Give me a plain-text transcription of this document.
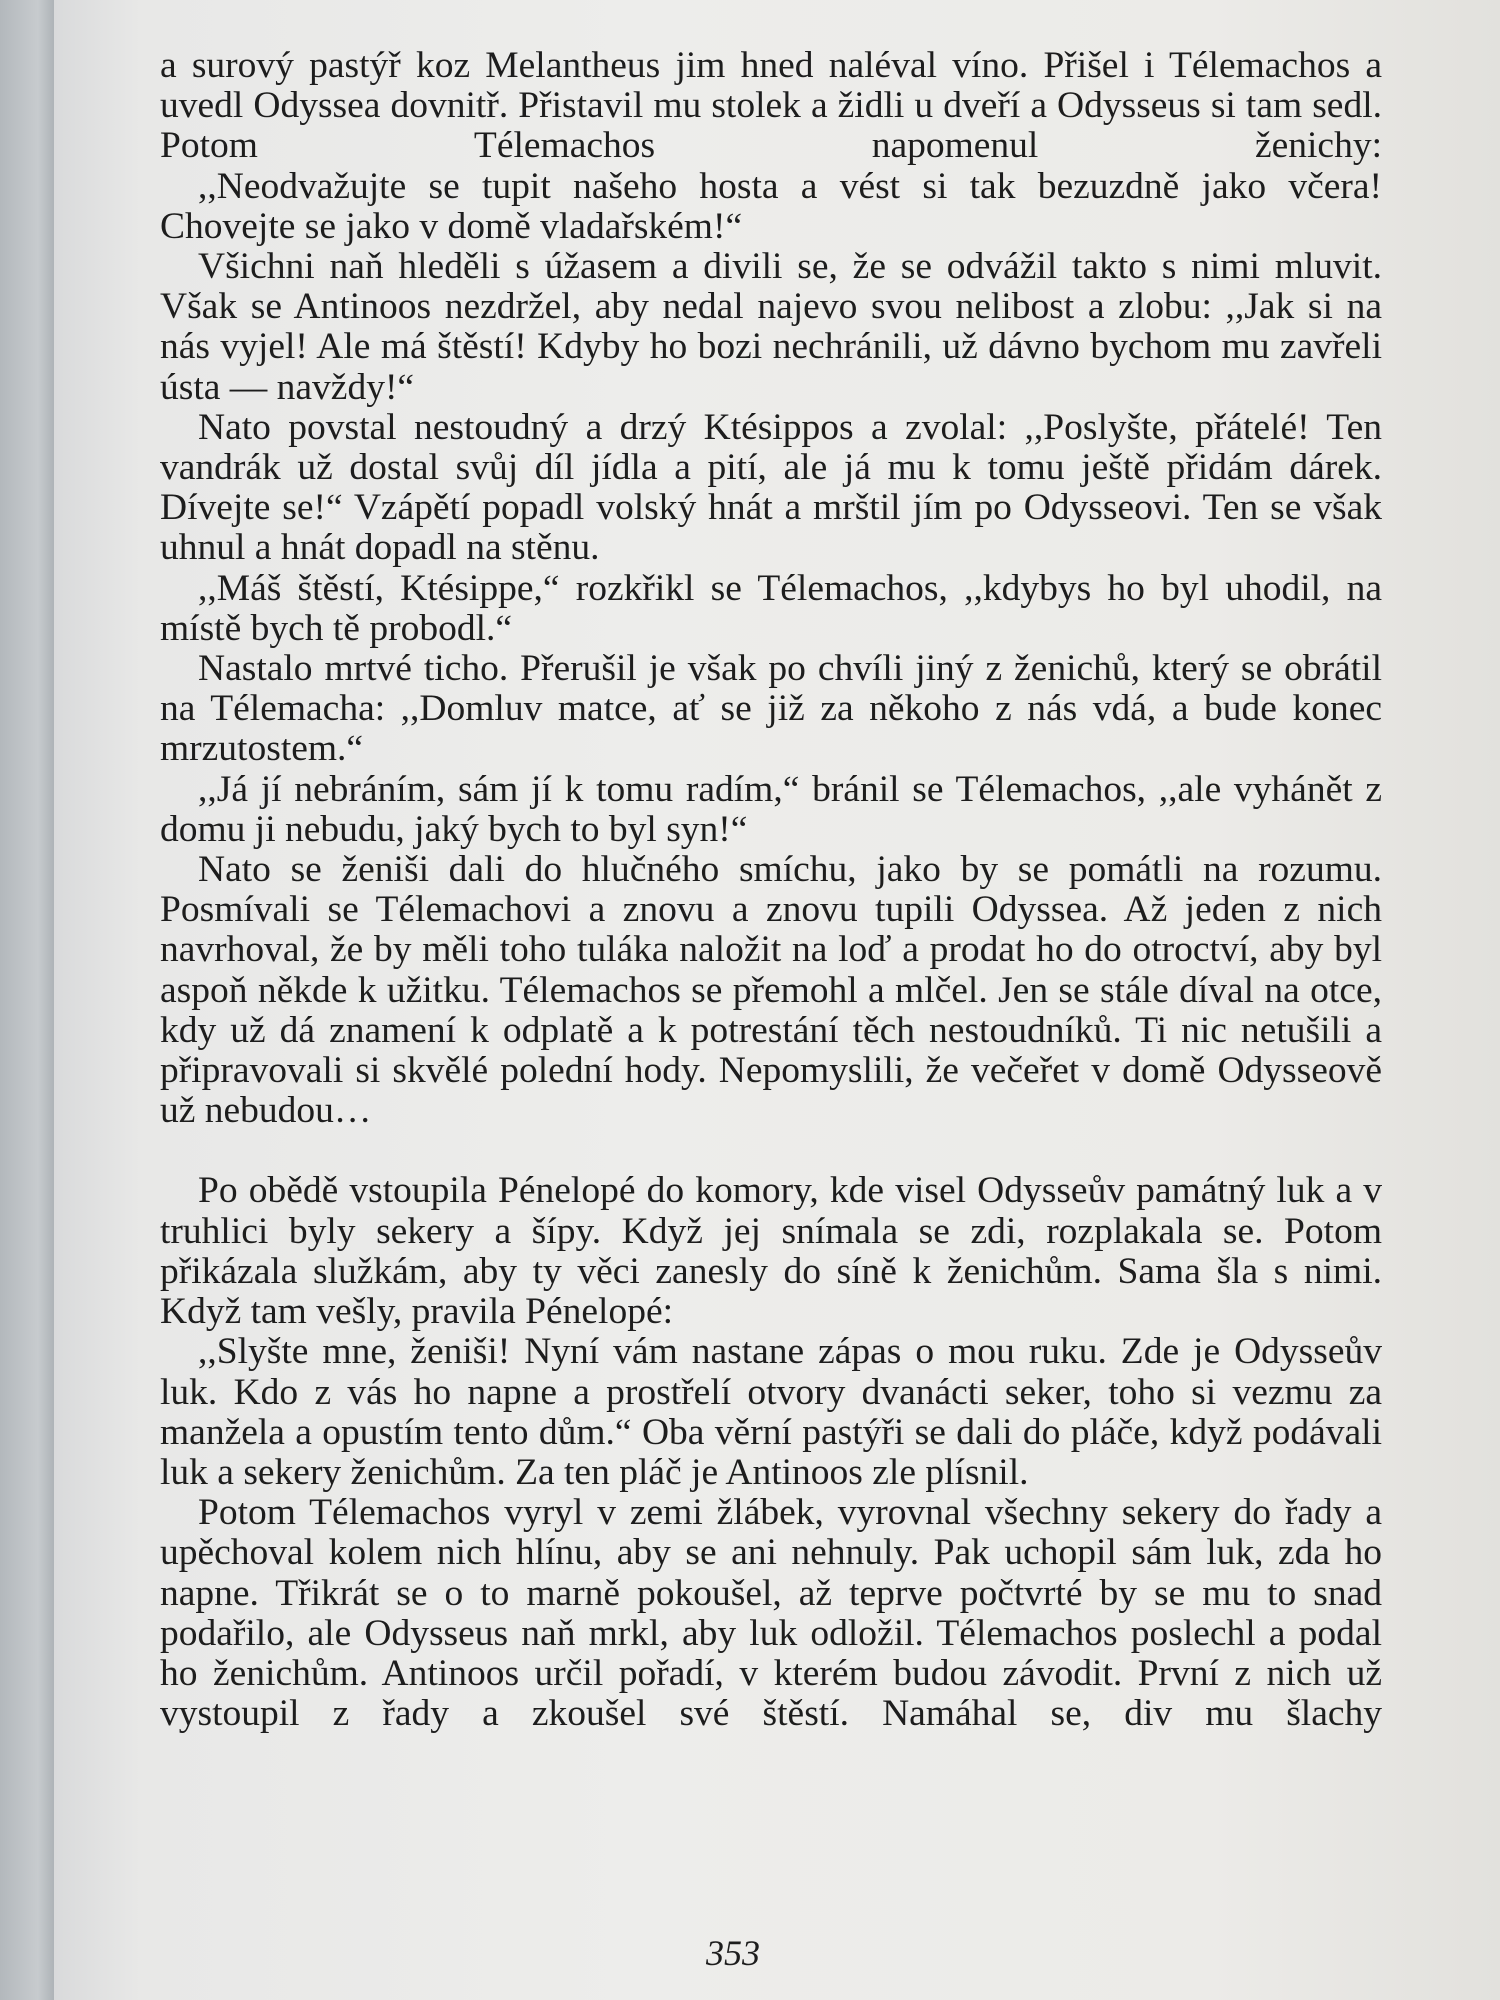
a surový pastýř koz Melantheus jim hned naléval víno. Přišel i Télemachos a uvedl Odyssea dovnitř. Přistavil mu stolek a židli u dveří a Odysseus si tam sedl. Potom Télemachos napomenul ženichy:

,,Neodvažujte se tupit našeho hosta a vést si tak bezuzdně jako včera! Chovejte se jako v domě vladařském!“

Všichni naň hleděli s úžasem a divili se, že se odvážil takto s nimi mluvit. Však se Antinoos nezdržel, aby nedal najevo svou nelibost a zlobu: ,,Jak si na nás vyjel! Ale má štěstí! Kdyby ho bozi nechránili, už dávno bychom mu zavřeli ústa — navždy!“

Nato povstal nestoudný a drzý Ktésippos a zvolal: ,,Poslyšte, přátelé! Ten vandrák už dostal svůj díl jídla a pití, ale já mu k tomu ještě přidám dárek. Dívejte se!“ Vzápětí popadl volský hnát a mrštil jím po Odysseovi. Ten se však uhnul a hnát dopadl na stěnu.

,,Máš štěstí, Ktésippe,“ rozkřikl se Télemachos, ,,kdybys ho byl uhodil, na místě bych tě probodl.“

Nastalo mrtvé ticho. Přerušil je však po chvíli jiný z ženichů, který se obrátil na Télemacha: ,,Domluv matce, ať se již za někoho z nás vdá, a bude konec mrzutostem.“

,,Já jí nebráním, sám jí k tomu radím,“ bránil se Télemachos, ,,ale vyhánět z domu ji nebudu, jaký bych to byl syn!“

Nato se ženiši dali do hlučného smíchu, jako by se pomátli na rozumu. Posmívali se Télemachovi a znovu a znovu tupili Odyssea. Až jeden z nich navrhoval, že by měli toho tuláka naložit na loď a prodat ho do otroctví, aby byl aspoň někde k užitku. Télemachos se přemohl a mlčel. Jen se stále díval na otce, kdy už dá znamení k odplatě a k potrestání těch nestoudníků. Ti nic netušili a připravovali si skvělé polední hody. Nepomyslili, že večeřet v domě Odysseově už nebudou…

Po obědě vstoupila Pénelopé do komory, kde visel Odysseův památný luk a v truhlici byly sekery a šípy. Když jej snímala se zdi, rozplakala se. Potom přikázala služkám, aby ty věci zanesly do síně k ženichům. Sama šla s nimi. Když tam vešly, pravila Pénelopé:

,,Slyšte mne, ženiši! Nyní vám nastane zápas o mou ruku. Zde je Odysseův luk. Kdo z vás ho napne a prostřelí otvory dvanácti seker, toho si vezmu za manžela a opustím tento dům.“ Oba věrní pastýři se dali do pláče, když podávali luk a sekery ženichům. Za ten pláč je Antinoos zle plísnil.

Potom Télemachos vyryl v zemi žlábek, vyrovnal všechny sekery do řady a upěchoval kolem nich hlínu, aby se ani nehnuly. Pak uchopil sám luk, zda ho napne. Třikrát se o to marně pokoušel, až teprve počtvrté by se mu to snad podařilo, ale Odysseus naň mrkl, aby luk odložil. Télemachos poslechl a podal ho ženichům. Antinoos určil pořadí, v kterém budou závodit. První z nich už vystoupil z řady a zkoušel své štěstí. Namáhal se, div mu šlachy

353
